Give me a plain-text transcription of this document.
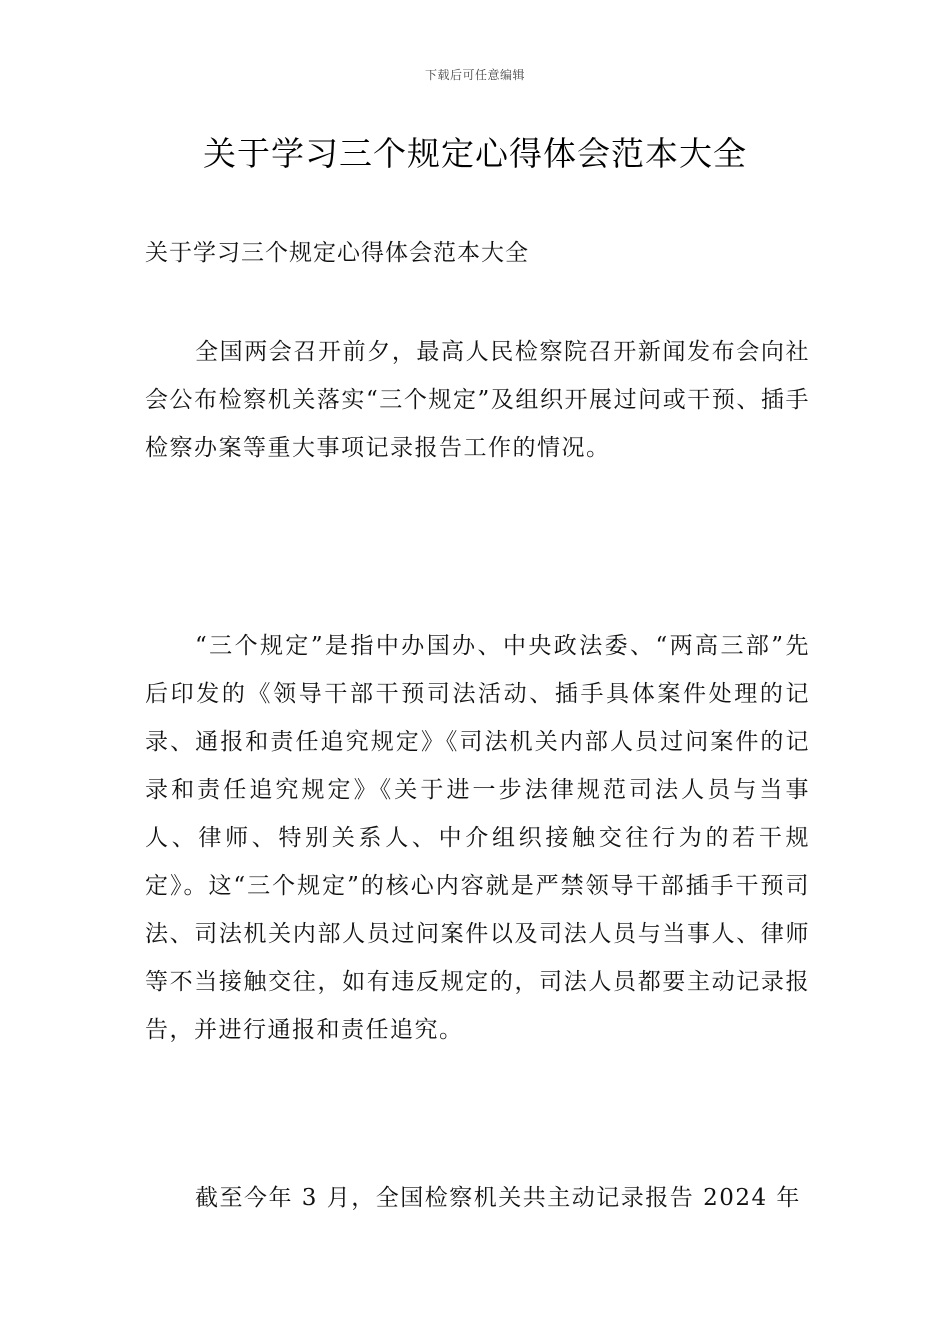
下载后可任意编辑
关于学习三个规定心得体会范本大全
关于学习三个规定心得体会范本大全
全国两会召开前夕，最高人民检察院召开新闻发布会向社会公布检察机关落实“三个规定”及组织开展过问或干预、插手检察办案等重大事项记录报告工作的情况。
“三个规定”是指中办国办、中央政法委、“两高三部”先后印发的《领导干部干预司法活动、插手具体案件处理的记录、通报和责任追究规定》《司法机关内部人员过问案件的记录和责任追究规定》《关于进一步法律规范司法人员与当事人、律师、特别关系人、中介组织接触交往行为的若干规定》。这“三个规定”的核心内容就是严禁领导干部插手干预司法、司法机关内部人员过问案件以及司法人员与当事人、律师等不当接触交往，如有违反规定的，司法人员都要主动记录报告，并进行通报和责任追究。
截至今年 3 月，全国检察机关共主动记录报告 2024 年
